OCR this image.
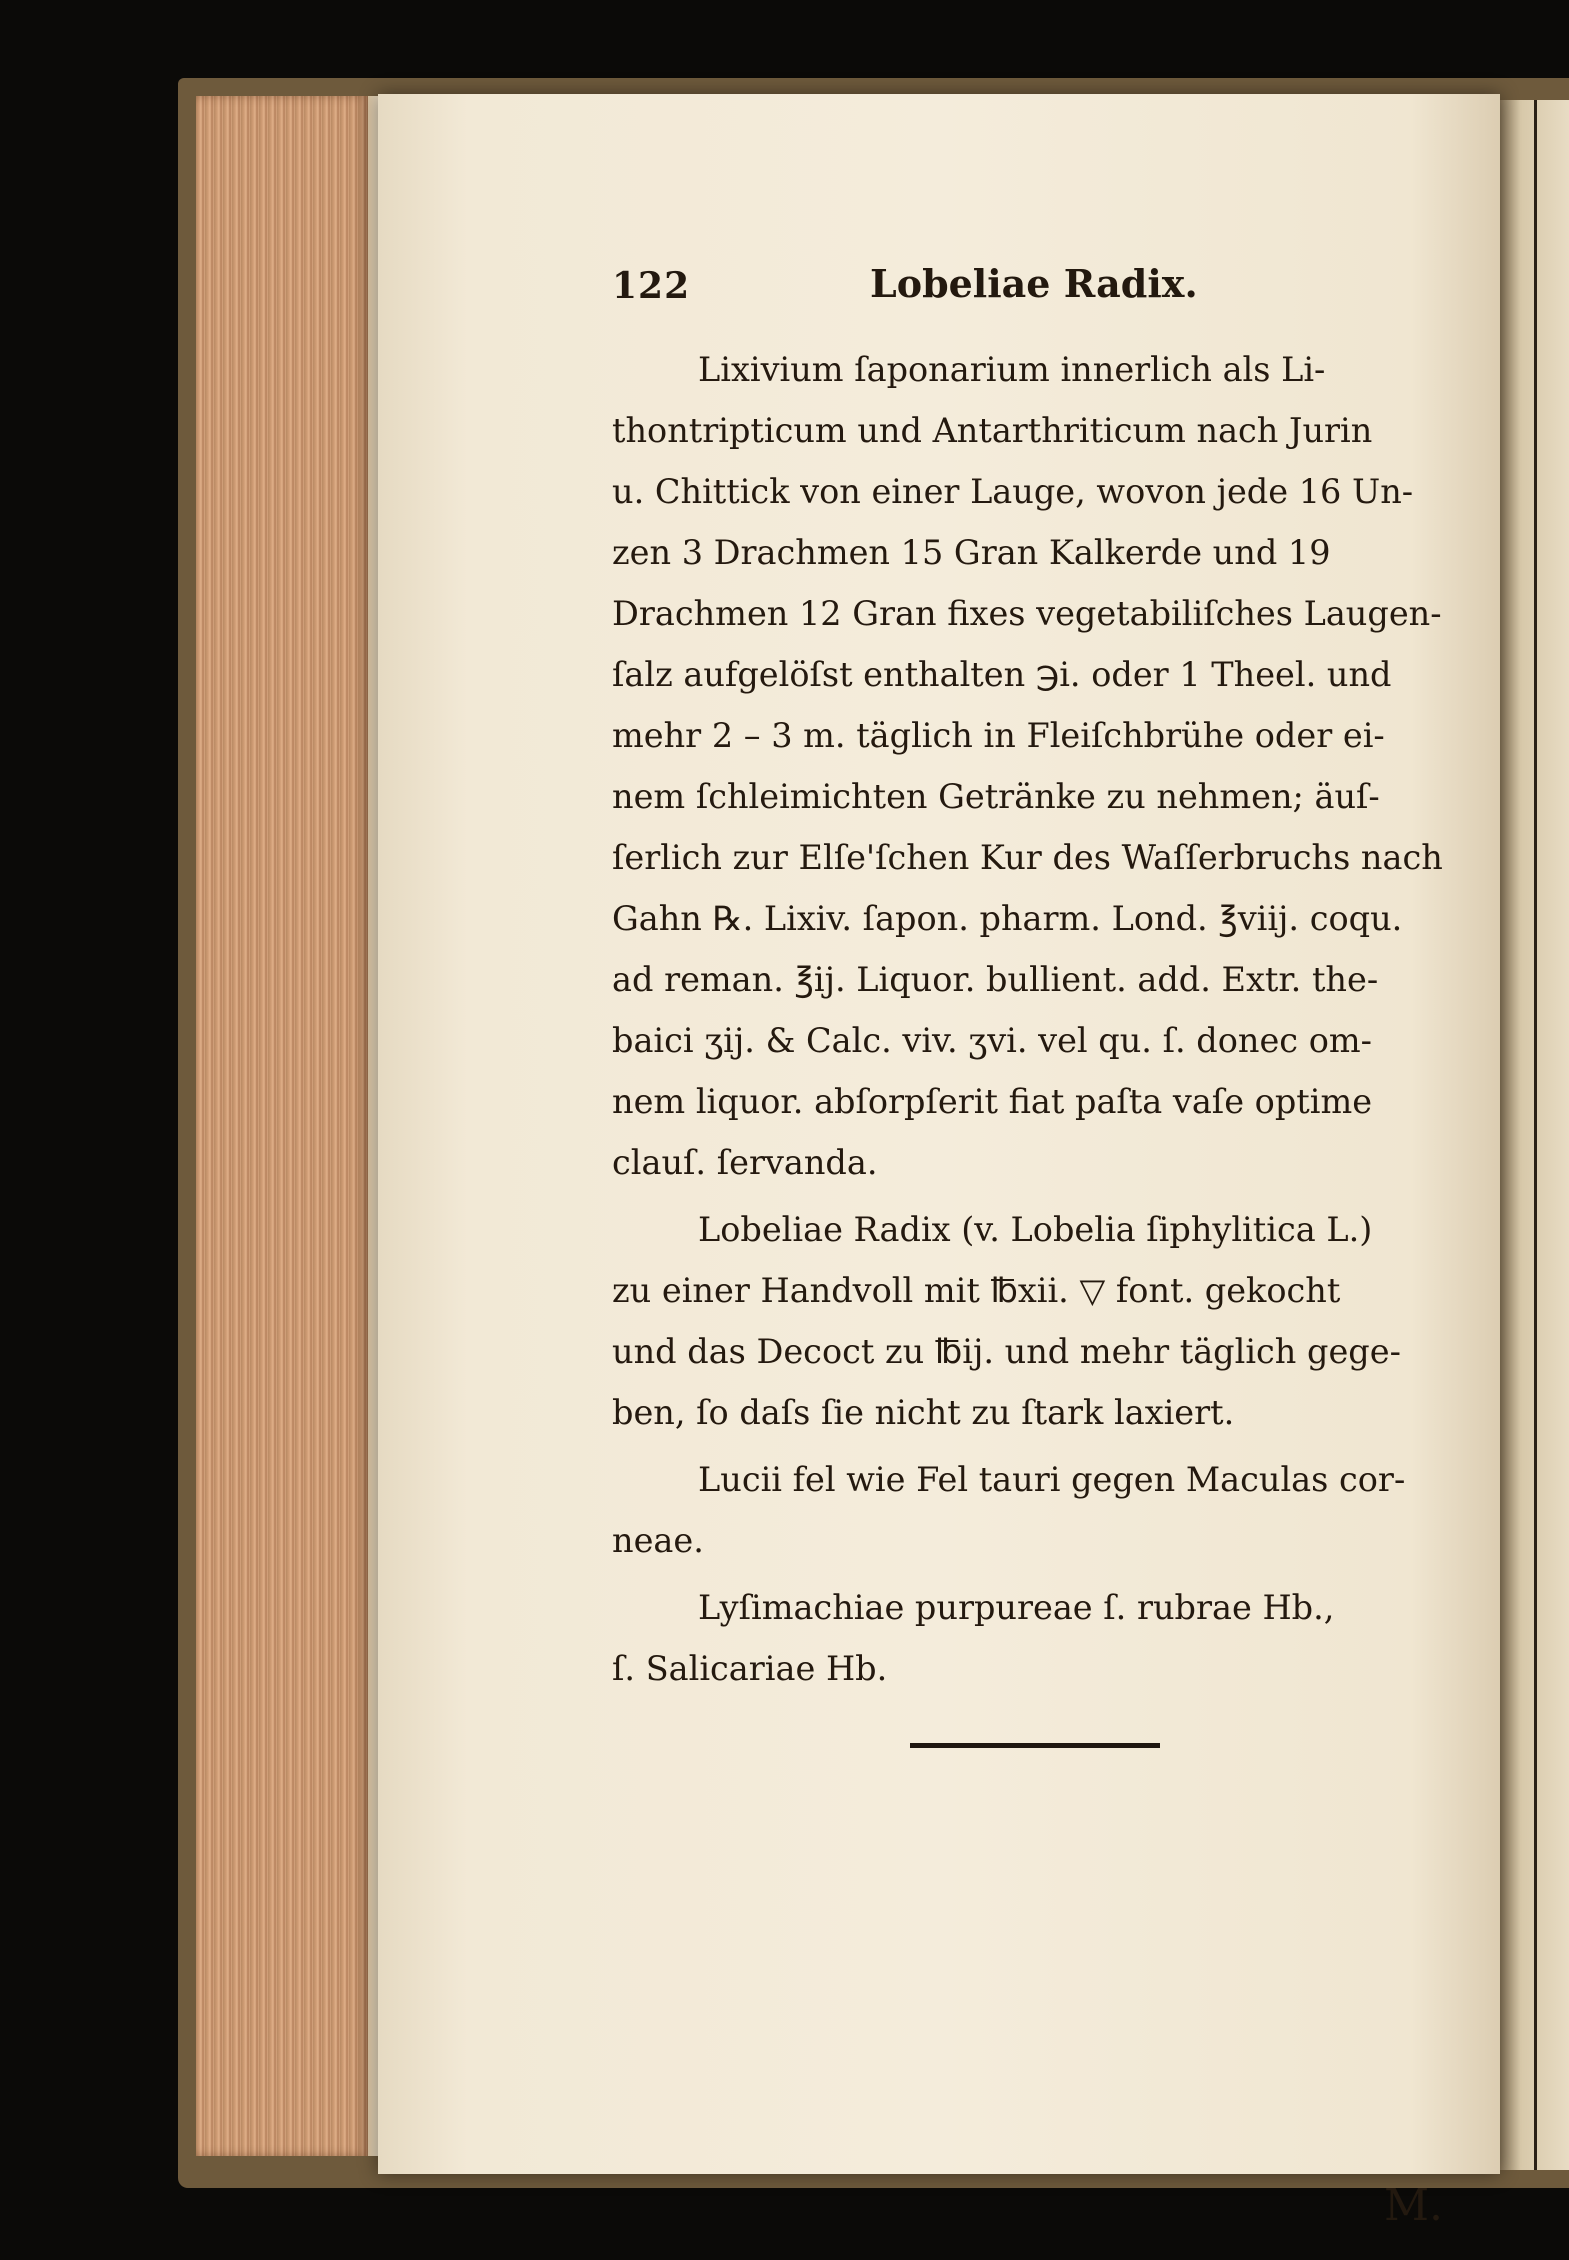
122	Lobeliae Radix.
Lixivium ſaponarium innerlich als Li-
thontripticum und Antarthriticum nach Jurin
u. Chittick von einer Lauge, wovon jede 16 Un-
zen 3 Drachmen 15 Gran Kalkerde und 19
Drachmen 12 Gran fixes vegetabiliſches Laugen-
ſalz aufgelöſst enthalten ℈i. oder 1 Theel. und
mehr 2 – 3 m. täglich in Fleiſchbrühe oder ei-
nem ſchleimichten Getränke zu nehmen; äuſ-
ſerlich zur Elſe'ſchen Kur des Waſſerbruchs nach
Gahn ℞. Lixiv. ſapon. pharm. Lond. ℥viij. coqu.
ad reman. ℥ij. Liquor. bullient. add. Extr. the-
baici ʒij. & Calc. viv. ʒvi. vel qu. ſ. donec om-
nem liquor. abſorpſerit fiat paſta vaſe optime
clauſ. ſervanda.
Lobeliae Radix (v. Lobelia ſiphylitica L.)
zu einer Handvoll mit ℔xii. ▽ font. gekocht
und das Decoct zu ℔ij. und mehr täglich gege-
ben, ſo daſs ſie nicht zu ſtark laxiert.
Lucii fel wie Fel tauri gegen Maculas cor-
neae.
Lyſimachiae purpureae ſ. rubrae Hb.,
ſ. Salicariae Hb.
M.
